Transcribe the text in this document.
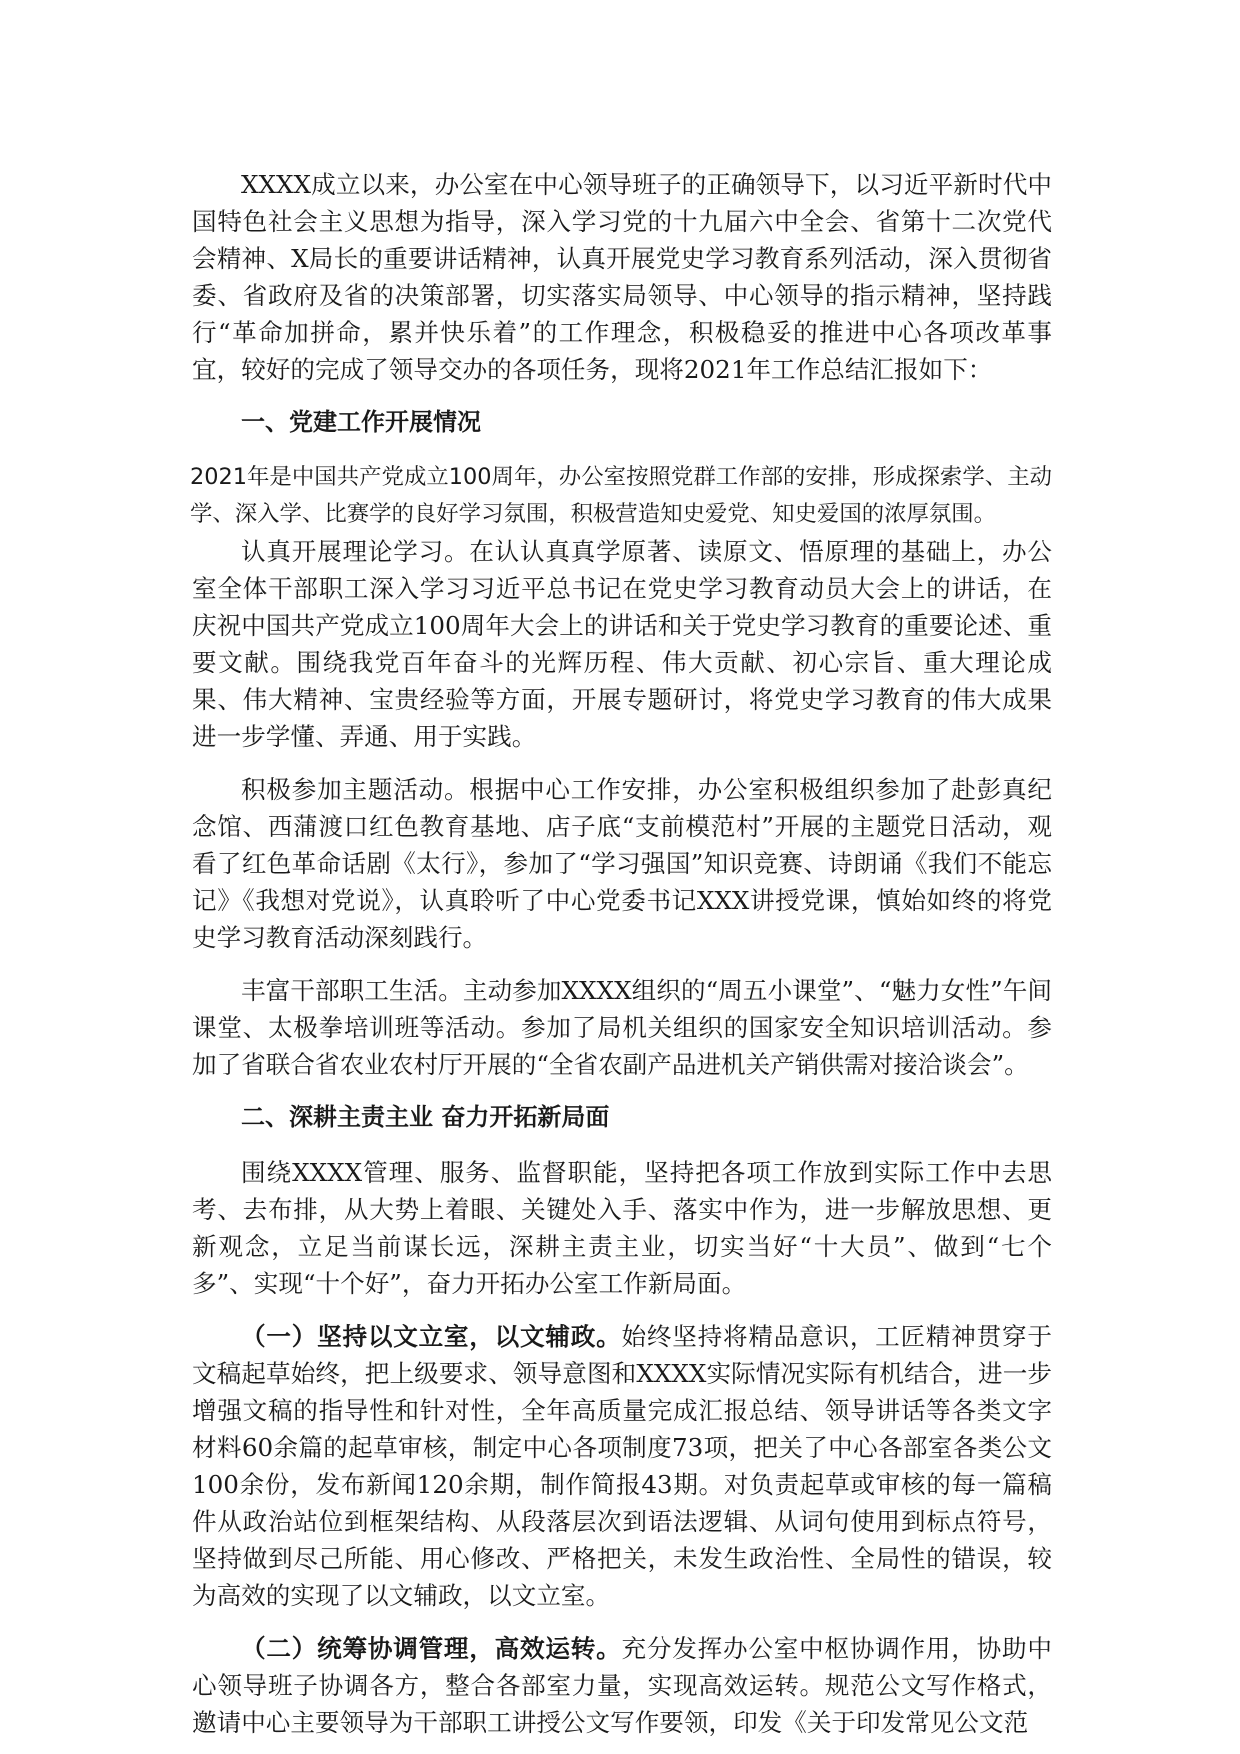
XXXX成立以来，办公室在中心领导班子的正确领导下，以习近平新时代中国特色社会主义思想为指导，深入学习党的十九届六中全会、省第十二次党代会精神、X局长的重要讲话精神，认真开展党史学习教育系列活动，深入贯彻省委、省政府及省的决策部署，切实落实局领导、中心领导的指示精神，坚持践行“革命加拼命，累并快乐着”的工作理念，积极稳妥的推进中心各项改革事宜，较好的完成了领导交办的各项任务，现将2021年工作总结汇报如下：

一、党建工作开展情况

2021年是中国共产党成立100周年，办公室按照党群工作部的安排，形成探索学、主动学、深入学、比赛学的良好学习氛围，积极营造知史爱党、知史爱国的浓厚氛围。

认真开展理论学习。在认认真真学原著、读原文、悟原理的基础上，办公室全体干部职工深入学习习近平总书记在党史学习教育动员大会上的讲话，在庆祝中国共产党成立100周年大会上的讲话和关于党史学习教育的重要论述、重要文献。围绕我党百年奋斗的光辉历程、伟大贡献、初心宗旨、重大理论成果、伟大精神、宝贵经验等方面，开展专题研讨，将党史学习教育的伟大成果进一步学懂、弄通、用于实践。

积极参加主题活动。根据中心工作安排，办公室积极组织参加了赴彭真纪念馆、西蒲渡口红色教育基地、店子底“支前模范村”开展的主题党日活动，观看了红色革命话剧《太行》，参加了“学习强国”知识竞赛、诗朗诵《我们不能忘记》《我想对党说》，认真聆听了中心党委书记XXX讲授党课，慎始如终的将党史学习教育活动深刻践行。

丰富干部职工生活。主动参加XXXX组织的“周五小课堂”、“魅力女性”午间课堂、太极拳培训班等活动。参加了局机关组织的国家安全知识培训活动。参加了省联合省农业农村厅开展的“全省农副产品进机关产销供需对接洽谈会”。

二、深耕主责主业 奋力开拓新局面

围绕XXXX管理、服务、监督职能，坚持把各项工作放到实际工作中去思考、去布排，从大势上着眼、关键处入手、落实中作为，进一步解放思想、更新观念，立足当前谋长远，深耕主责主业，切实当好“十大员”、做到“七个多”、实现“十个好”，奋力开拓办公室工作新局面。

（一）坚持以文立室，以文辅政。始终坚持将精品意识，工匠精神贯穿于文稿起草始终，把上级要求、领导意图和XXXX实际情况实际有机结合，进一步增强文稿的指导性和针对性，全年高质量完成汇报总结、领导讲话等各类文字材料60余篇的起草审核，制定中心各项制度73项，把关了中心各部室各类公文100余份，发布新闻120余期，制作简报43期。对负责起草或审核的每一篇稿件从政治站位到框架结构、从段落层次到语法逻辑、从词句使用到标点符号，坚持做到尽己所能、用心修改、严格把关，未发生政治性、全局性的错误，较为高效的实现了以文辅政，以文立室。

（二）统筹协调管理，高效运转。充分发挥办公室中枢协调作用，协助中心领导班子协调各方，整合各部室力量，实现高效运转。规范公文写作格式，邀请中心主要领导为干部职工讲授公文写作要领，印发《关于印发常见公文范
